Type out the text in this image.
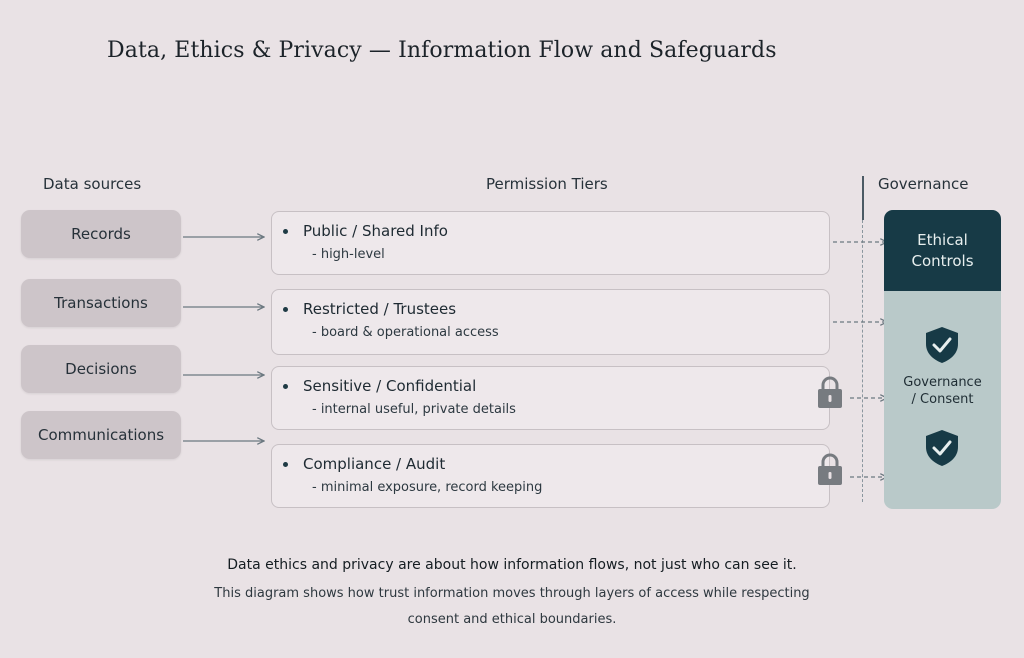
Data, Ethics & Privacy — Information Flow and Safeguards
Data sources	Permission Tiers	Governance
Records
Transactions
Decisions
Communications
Public / Shared Info
- high-level
Restricted / Trustees
- board & operational access
Sensitive / Confidential
- internal useful, private details
Compliance / Audit
- minimal exposure, record keeping
Ethical
Controls
Governance
/ Consent
Data ethics and privacy are about how information flows, not just who can see it.
This diagram shows how trust information moves through layers of access while respecting
consent and ethical boundaries.
